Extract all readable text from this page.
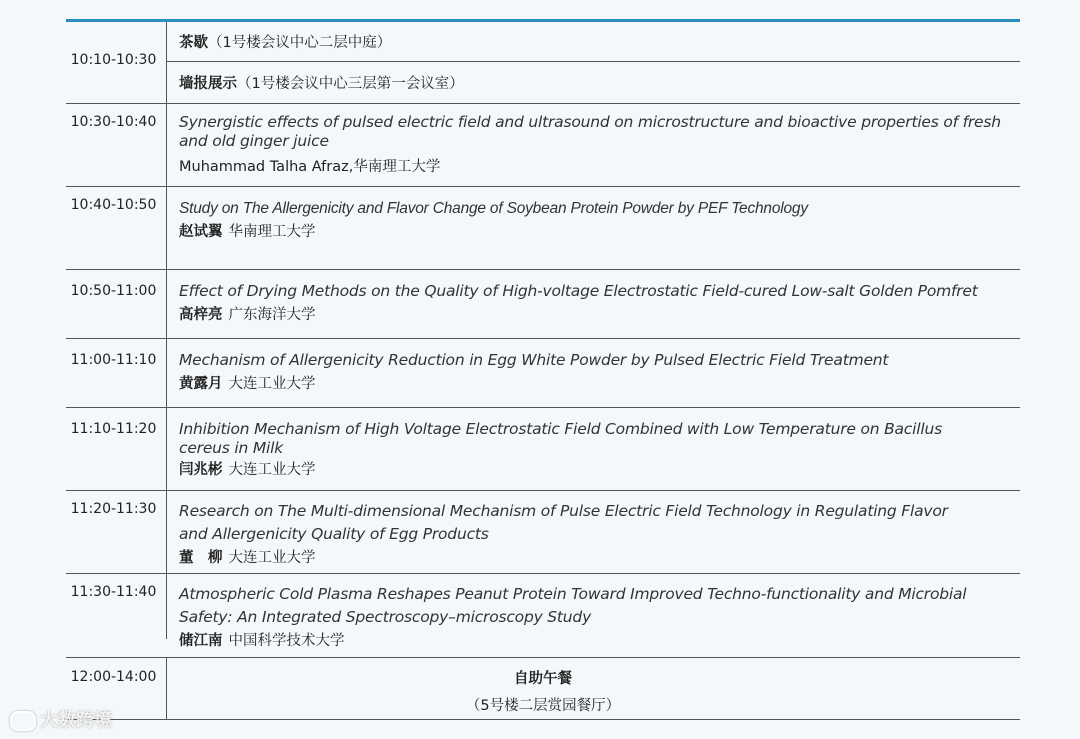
10:10-10:30
茶歇（1号楼会议中心二层中庭）
墙报展示（1号楼会议中心三层第一会议室）
10:30-10:40 Synergistic effects of pulsed electric field and ultrasound on microstructure and bioactive properties of fresh and old ginger juice
Muhammad Talha Afraz,华南理工大学
10:40-10:50 Study on The Allergenicity and Flavor Change of Soybean Protein Powder by PEF Technology
赵试翼 华南理工大学
10:50-11:00 Effect of Drying Methods on the Quality of High-voltage Electrostatic Field-cured Low-salt Golden Pomfret
高梓亮 广东海洋大学
11:00-11:10 Mechanism of Allergenicity Reduction in Egg White Powder by Pulsed Electric Field Treatment
黄露月 大连工业大学
11:10-11:20 Inhibition Mechanism of High Voltage Electrostatic Field Combined with Low Temperature on Bacillus cereus in Milk
闫兆彬 大连工业大学
11:20-11:30 Research on The Multi-dimensional Mechanism of Pulse Electric Field Technology in Regulating Flavor and Allergenicity Quality of Egg Products
董　柳 大连工业大学
11:30-11:40 Atmospheric Cold Plasma Reshapes Peanut Protein Toward Improved Techno-functionality and Microbial Safety: An Integrated Spectroscopy–microscopy Study
储江南 中国科学技术大学
12:00-14:00	自助午餐
（5号楼二层赏园餐厅）
大数跨境
